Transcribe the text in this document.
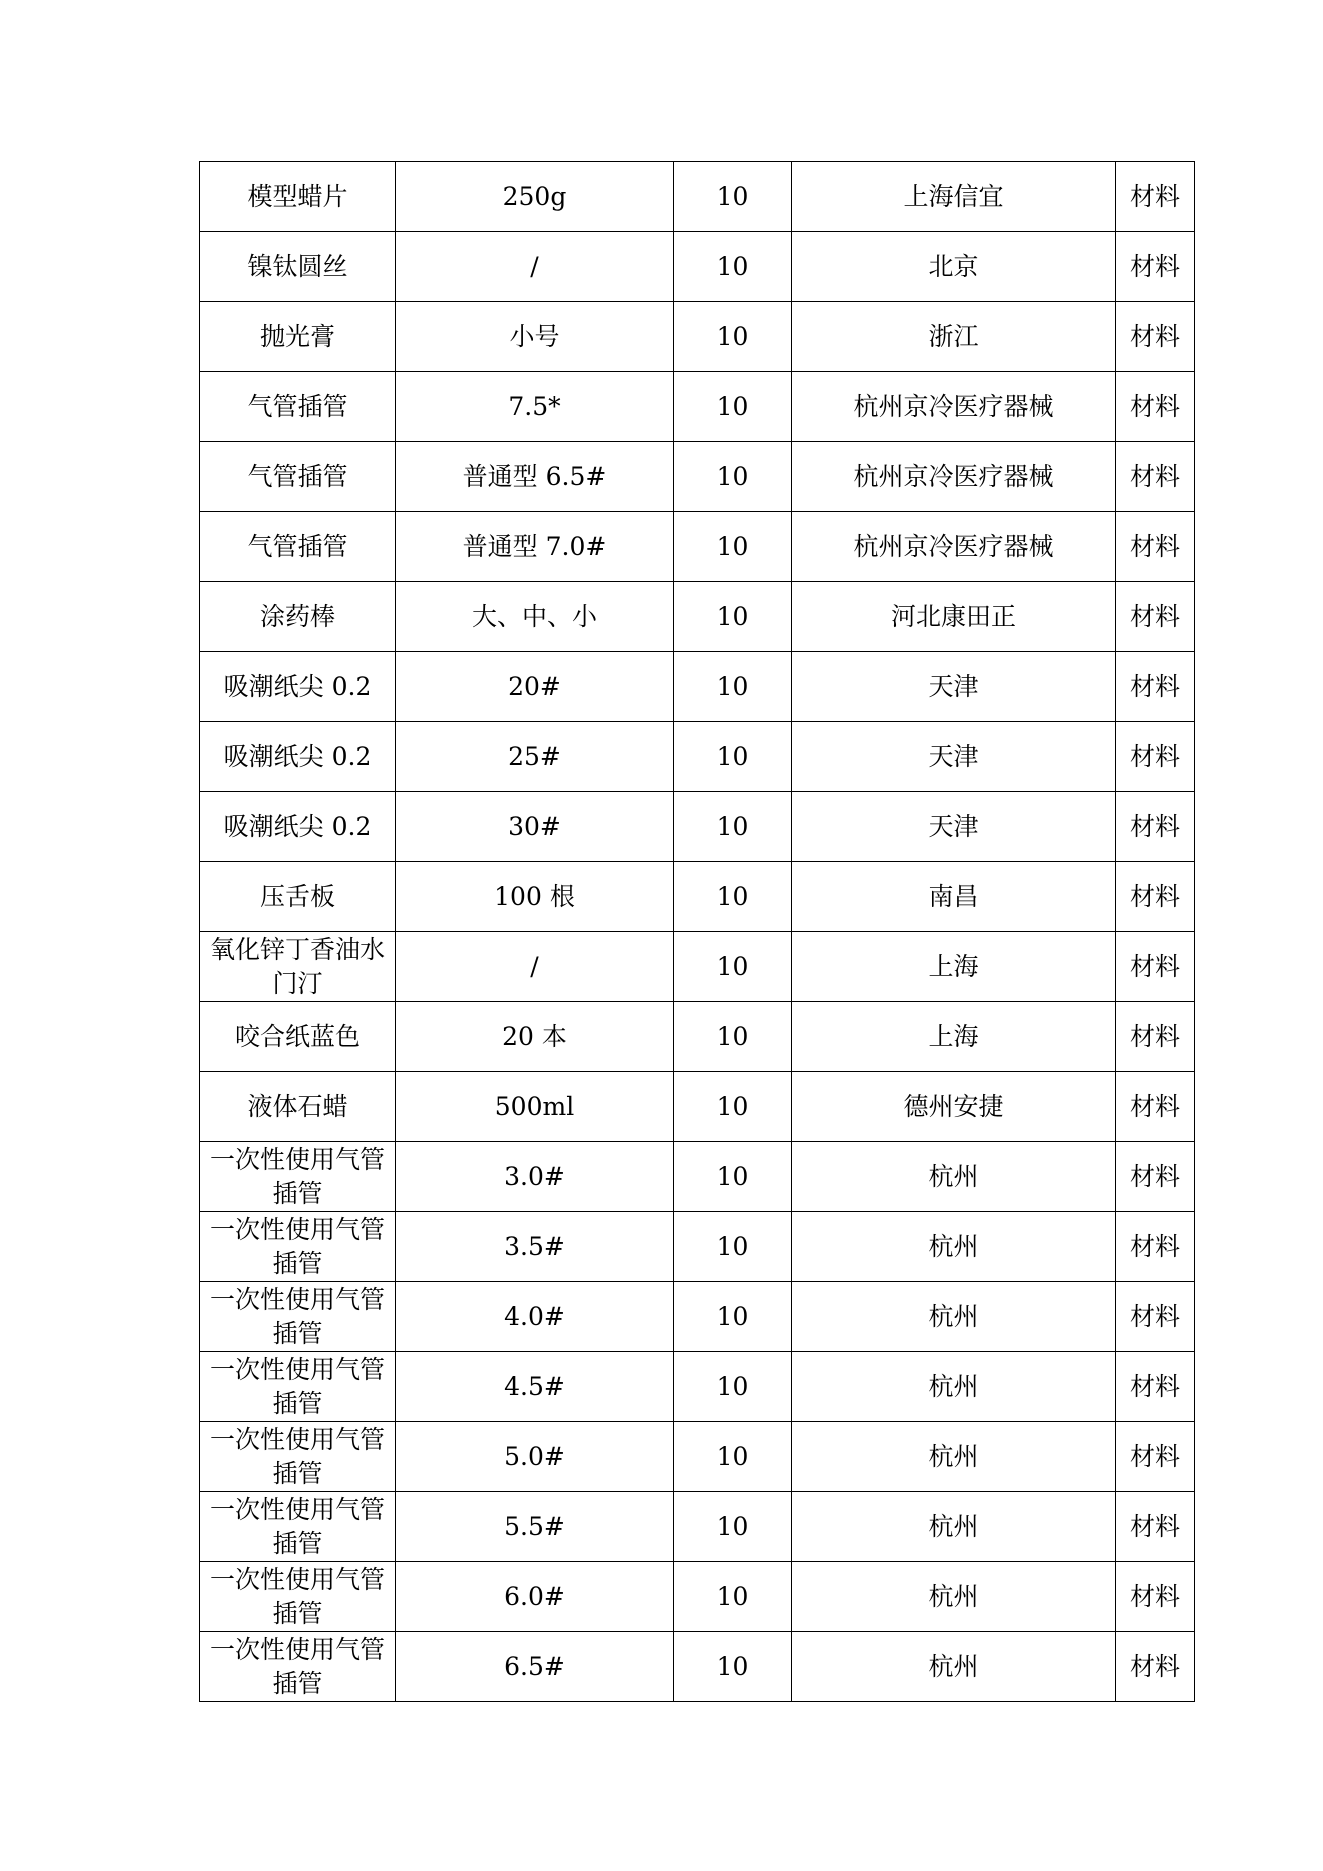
模型蜡片	250g	10	上海信宜	材料
镍钛圆丝	/	10	北京	材料
抛光膏	小号	10	浙江	材料
气管插管	7.5*	10	杭州京冷医疗器械	材料
气管插管	普通型 6.5#	10	杭州京冷医疗器械	材料
气管插管	普通型 7.0#	10	杭州京冷医疗器械	材料
涂药棒	大、中、小	10	河北康田正	材料
吸潮纸尖 0.2	20#	10	天津	材料
吸潮纸尖 0.2	25#	10	天津	材料
吸潮纸尖 0.2	30#	10	天津	材料
压舌板	100 根	10	南昌	材料
氧化锌丁香油水门汀	/	10	上海	材料
咬合纸蓝色	20 本	10	上海	材料
液体石蜡	500ml	10	德州安捷	材料
一次性使用气管插管	3.0#	10	杭州	材料
一次性使用气管插管	3.5#	10	杭州	材料
一次性使用气管插管	4.0#	10	杭州	材料
一次性使用气管插管	4.5#	10	杭州	材料
一次性使用气管插管	5.0#	10	杭州	材料
一次性使用气管插管	5.5#	10	杭州	材料
一次性使用气管插管	6.0#	10	杭州	材料
一次性使用气管插管	6.5#	10	杭州	材料
